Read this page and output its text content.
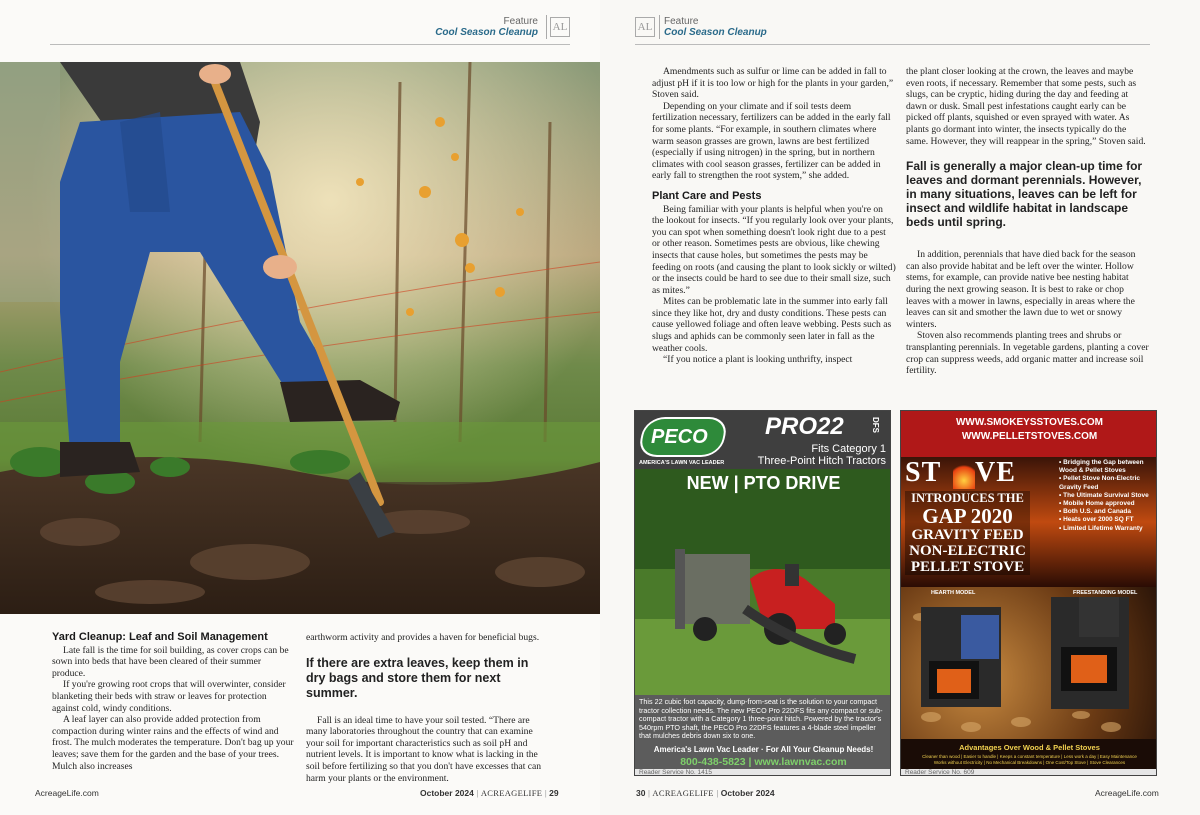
Feature
Cool Season Cleanup AL
Yard Cleanup: Leaf and Soil Management

Late fall is the time for soil building, as cover crops can be sown into beds that have been cleared of their summer produce.

If you're growing root crops that will overwinter, consider blanketing their beds with straw or leaves for protection against cold, windy conditions.

A leaf layer can also provide added protection from compaction during winter rains and the effects of wind and frost. The mulch moderates the temperature. Don't bag up your leaves; save them for the garden and the base of your trees. Mulch also increases

earthworm activity and provides a haven for beneficial bugs.

If there are extra leaves, keep them in dry bags and store them for next summer.

Fall is an ideal time to have your soil tested. “There are many laboratories throughout the country that can examine your soil for important characteristics such as soil pH and nutrient levels. It is important to know what is lacking in the soil before fertilizing so that you don't have excesses that can harm your plants or the environment.

AcreageLife.com	October 2024 | ACREAGELIFE | 29
AL Feature
Cool Season Cleanup

Amendments such as sulfur or lime can be added in fall to adjust pH if it is too low or high for the plants in your garden,” Stoven said.

Depending on your climate and if soil tests deem fertilization necessary, fertilizers can be added in the early fall for some plants. “For example, in southern climates where warm season grasses are grown, lawns are best fertilized (especially if using nitrogen) in the spring, but in northern climates with cool season grasses, fertilizer can be added in early fall to strengthen the root system,” she added.

Plant Care and Pests

Being familiar with your plants is helpful when you're on the lookout for insects. “If you regularly look over your plants, you can spot when something doesn't look right due to a pest or other reason. Sometimes pests are obvious, like chewing insects that cause holes, but sometimes the pests may be feeding on roots (and causing the plant to look sickly or wilted) or the insects could be hard to see due to their small size, such as mites.”

Mites can be problematic late in the summer into early fall since they like hot, dry and dusty conditions. These pests can cause yellowed foliage and often leave webbing. Pests such as slugs and aphids can be commonly seen later in fall as the weather cools.

“If you notice a plant is looking unthrifty, inspect

the plant closer looking at the crown, the leaves and maybe even roots, if necessary. Remember that some pests, such as slugs, can be cryptic, hiding during the day and feeding at dawn or dusk. Small pest infestations caught early can be picked off plants, squished or even sprayed with water. As plants go dormant into winter, the insects typically do the same. However, they will reappear in the spring,” Stoven said.

Fall is generally a major clean-up time for leaves and dormant perennials. However, in many situations, leaves can be left for insect and wildlife habitat in landscape beds until spring.

In addition, perennials that have died back for the season can also provide habitat and be left over the winter. Hollow stems, for example, can provide native bee nesting habitat during the next growing season. It is best to rake or chop leaves with a mower in lawns, especially in areas where the leaves can sit and smother the lawn due to wet or snowy winters.

Stoven also recommends planting trees and shrubs or transplanting perennials. In vegetable gardens, planting a cover crop can suppress weeds, add organic matter and increase soil fertility.

PECO
AMERICA'S LAWN VAC LEADER
PRO22	DFS
Fits Category 1
Three-Point Hitch Tractors
NEW | PTO DRIVE
This 22 cubic foot capacity, dump-from-seat is the solution to your compact tractor collection needs. The new PECO Pro 22DFS fits any compact or sub-compact tractor with a Category 1 three-point hitch. Powered by the tractor's 540rpm PTO shaft, the PECO Pro 22DFS features a 4-blade steel impeller that mulches debris down six to one.
America's Lawn Vac Leader · For All Your Cleanup Needs!
800-438-5823 | www.lawnvac.com
Reader Service No. 1415
WWW.SMOKEYSSTOVES.COM
WWW.PELLETSTOVES.COM
ST VE
INTRODUCES THE
GAP 2020
GRAVITY FEED
NON-ELECTRIC
PELLET STOVE
• Bridging the Gap between Wood & Pellet Stoves
• Pellet Stove Non-Electric Gravity Feed
• The Ultimate Survival Stove
• Mobile Home approved
• Both U.S. and Canada
• Heats over 2000 SQ FT
• Limited Lifetime Warranty
HEARTH MODEL	FREESTANDING MODEL
Advantages Over Wood & Pellet Stoves
Cleaner than wood | Easier to handle | Keeps a constant temperature | Less work a day | Easy Maintenance
Works without Electricity | No Mechanical Breakdowns | One Cost/Top Stove | Stove Clearances
Reader Service No. 609
30 | ACREAGELIFE | October 2024	AcreageLife.com
